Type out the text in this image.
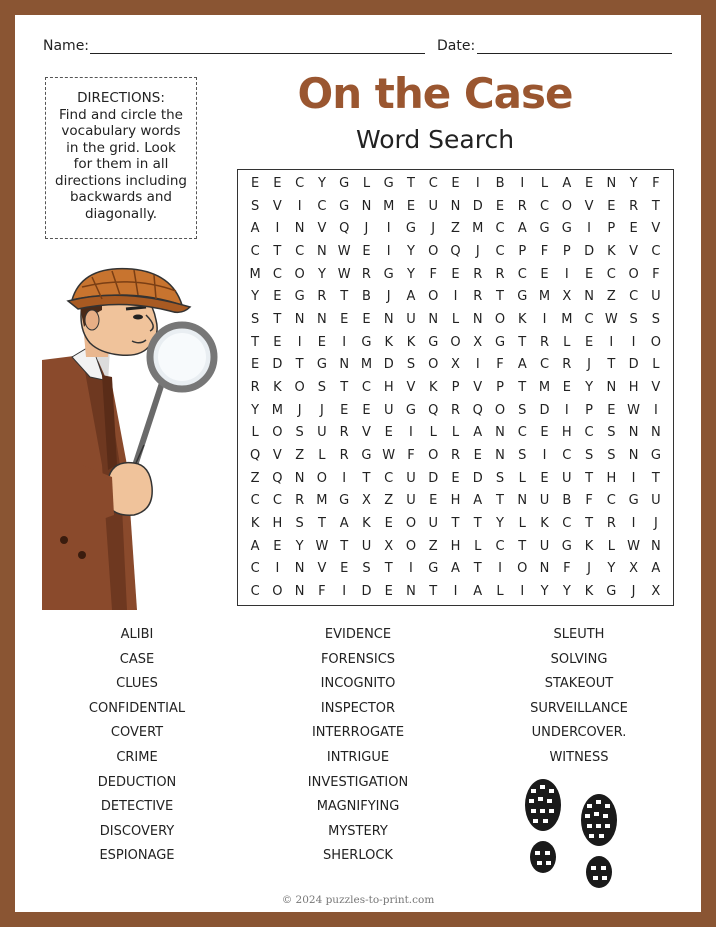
Name:	Date:
DIRECTIONS:
Find and circle the
vocabulary words
in the grid. Look
for them in all
directions including
backwards and
diagonally.
On the Case
Word Search
E	E	C	Y	G	L	G	T	C	E	I	B	I	L	A	E	N	Y	F
S	V	I	C G N M E	U N D	E	R	C O V	E	R	T
A	I	N V Q	J	I	G	J	Z M C	A G G	I	P	E	V
C	T	C N W E	I	Y	O Q	J	C	P	F	P	D K	V	C
M C O	Y W R G	Y	F	E	R	R	C	E	I	E	C O	F
Y	E	G R	T	B	J	A O	I	R	T	G M X N Z	C U
S	T	N N	E	E	N U N	L	N O K	I	M C W S	S
T	E	I	E	I	G K	K G O X G	T	R	L	E	I	I	O
E	D	T	G N M D	S	O X	I	F	A	C	R	J	T	D	L
R	K O	S	T	C H V	K	P	V	P	T M E	Y	N H V
Y M	J	J	E	E	U G Q R Q O	S	D	I	P	E W	I
L	O	S	U R	V	E	I	L	L	A N C	E	H C	S	N N
Q V	Z	L	R G W F	O R	E	N	S	I	C	S	S	N G
Z Q N O	I	T	C U D	E	D	S	L	E	U	T	H	I	T
C	C	R M G X	Z	U	E	H A	T	N U	B	F	C G U
K	H	S	T	A	K	E	O U	T	T	Y	L	K	C	T	R	I	J
A	E	Y W T	U	X O Z H	L	C	T	U G K	L W N
C	I	N V	E	S	T	I	G A	T	I	O N	F	J	Y	X	A
C O N	F	I	D	E	N	T	I	A	L	I	Y	Y	K G	J	X
ALIBI
CASE
CLUES
CONFIDENTIAL
COVERT
CRIME
DEDUCTION
DETECTIVE
DISCOVERY
ESPIONAGE
EVIDENCE
FORENSICS
INCOGNITO
INSPECTOR
INTERROGATE
INTRIGUE
INVESTIGATION
MAGNIFYING
MYSTERY
SHERLOCK
SLEUTH
SOLVING
STAKEOUT
SURVEILLANCE
UNDERCOVER.
WITNESS
© 2024 puzzles-to-print.com
